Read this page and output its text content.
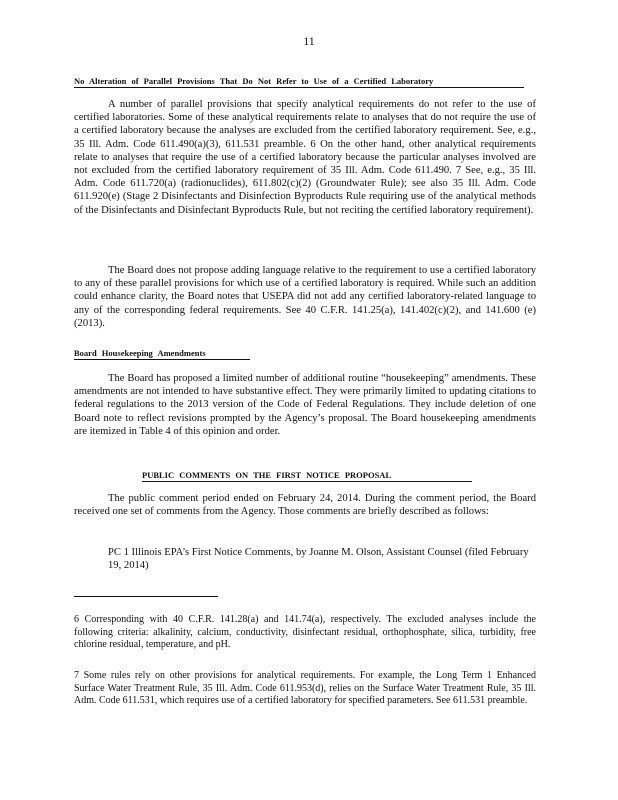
11
No Alteration of Parallel Provisions That Do Not Refer to Use of a Certified Laboratory
A number of parallel provisions that specify analytical requirements do not refer to the use of certified laboratories. Some of these analytical requirements relate to analyses that do not require the use of a certified laboratory because the analyses are excluded from the certified laboratory requirement. See, e.g., 35 Ill. Adm. Code 611.490(a)(3), 611.531 preamble. 6 On the other hand, other analytical requirements relate to analyses that require the use of a certified laboratory because the particular analyses involved are not excluded from the certified laboratory requirement of 35 Ill. Adm. Code 611.490. 7 See, e.g., 35 Ill. Adm. Code 611.720(a) (radionuclides), 611.802(c)(2) (Groundwater Rule); see also 35 Ill. Adm. Code 611.920(e) (Stage 2 Disinfectants and Disinfection Byproducts Rule requiring use of the analytical methods of the Disinfectants and Disinfectant Byproducts Rule, but not reciting the certified laboratory requirement).
The Board does not propose adding language relative to the requirement to use a certified laboratory to any of these parallel provisions for which use of a certified laboratory is required. While such an addition could enhance clarity, the Board notes that USEPA did not add any certified laboratory-related language to any of the corresponding federal requirements. See 40 C.F.R. 141.25(a), 141.402(c)(2), and 141.600 (e) (2013).
Board Housekeeping Amendments
The Board has proposed a limited number of additional routine “housekeeping” amendments. These amendments are not intended to have substantive effect. They were primarily limited to updating citations to federal regulations to the 2013 version of the Code of Federal Regulations. They include deletion of one Board note to reflect revisions prompted by the Agency’s proposal. The Board housekeeping amendments are itemized in Table 4 of this opinion and order.
PUBLIC COMMENTS ON THE FIRST NOTICE PROPOSAL
The public comment period ended on February 24, 2014. During the comment period, the Board received one set of comments from the Agency. Those comments are briefly described as follows:
PC 1 Illinois EPA’s First Notice Comments, by Joanne M. Olson, Assistant Counsel (filed February 19, 2014)
6 Corresponding with 40 C.F.R. 141.28(a) and 141.74(a), respectively. The excluded analyses include the following criteria: alkalinity, calcium, conductivity, disinfectant residual, orthophosphate, silica, turbidity, free chlorine residual, temperature, and pH.
7 Some rules rely on other provisions for analytical requirements. For example, the Long Term 1 Enhanced Surface Water Treatment Rule, 35 Ill. Adm. Code 611.953(d), relies on the Surface Water Treatment Rule, 35 Ill. Adm. Code 611.531, which requires use of a certified laboratory for specified parameters. See 611.531 preamble.
